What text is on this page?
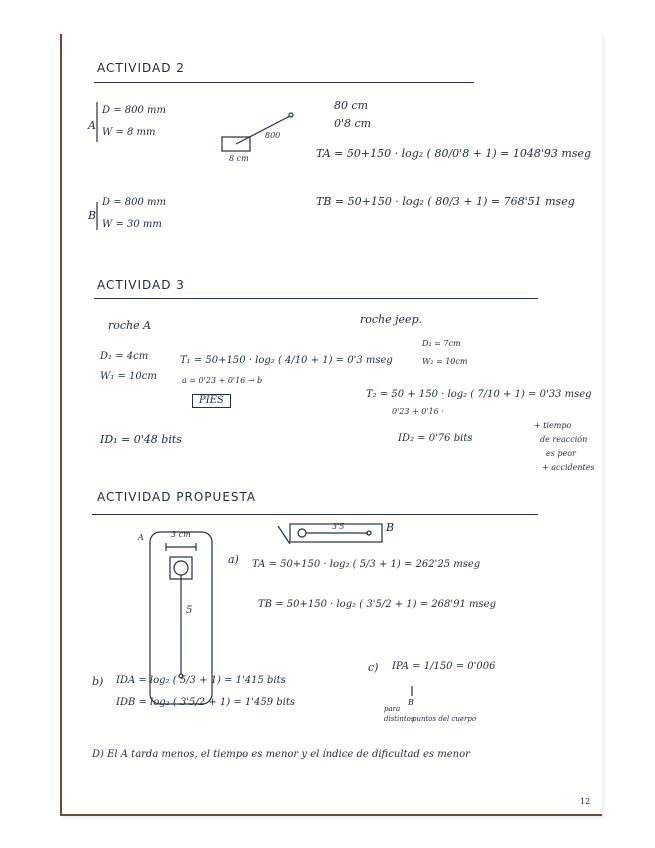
ACTIVIDAD 2
A
D = 800 mm
W = 8 mm	800
8 cm
80 cm
0'8 cm
TA = 50+150 · log₂ ( 80/0'8 + 1) = 1048'93 mseg
B
D = 800 mm
W = 30 mm
TB = 50+150 · log₂ ( 80/3 + 1) = 768'51 mseg
ACTIVIDAD 3
roche A	roche jeep.
D₁ = 4cm
W₁ = 10cm
T₁ = 50+150 · log₂ ( 4/10 + 1) = 0'3 mseg
a = 0'23 + 0'16 → b
PIES
D₂ = 7cm
W₂ = 10cm
T₂ = 50 + 150 · log₂ ( 7/10 + 1) = 0'33 mseg
0'23 + 0'16 ·
ID₁ = 0'48 bits	ID₂ = 0'76 bits
+ tiempo
de reacción
es peor
+ accidentes
ACTIVIDAD PROPUESTA
A	3 cm
5
3'5	B
a) TA = 50+150 · log₂ ( 5/3 + 1) = 262'25 mseg
TB = 50+150 · log₂ ( 3'5/2 + 1) = 268'91 mseg
b) IDA = log₂ ( 5/3 + 1) = 1'415 bits
IDB = log₂ ( 3'5/2 + 1) = 1'459 bits
c) IPA = 1/150 = 0'006
B
para
distintos
puntos del cuerpo
D) El A tarda menos, el tiempo es menor y el índice de dificultad es menor
12
